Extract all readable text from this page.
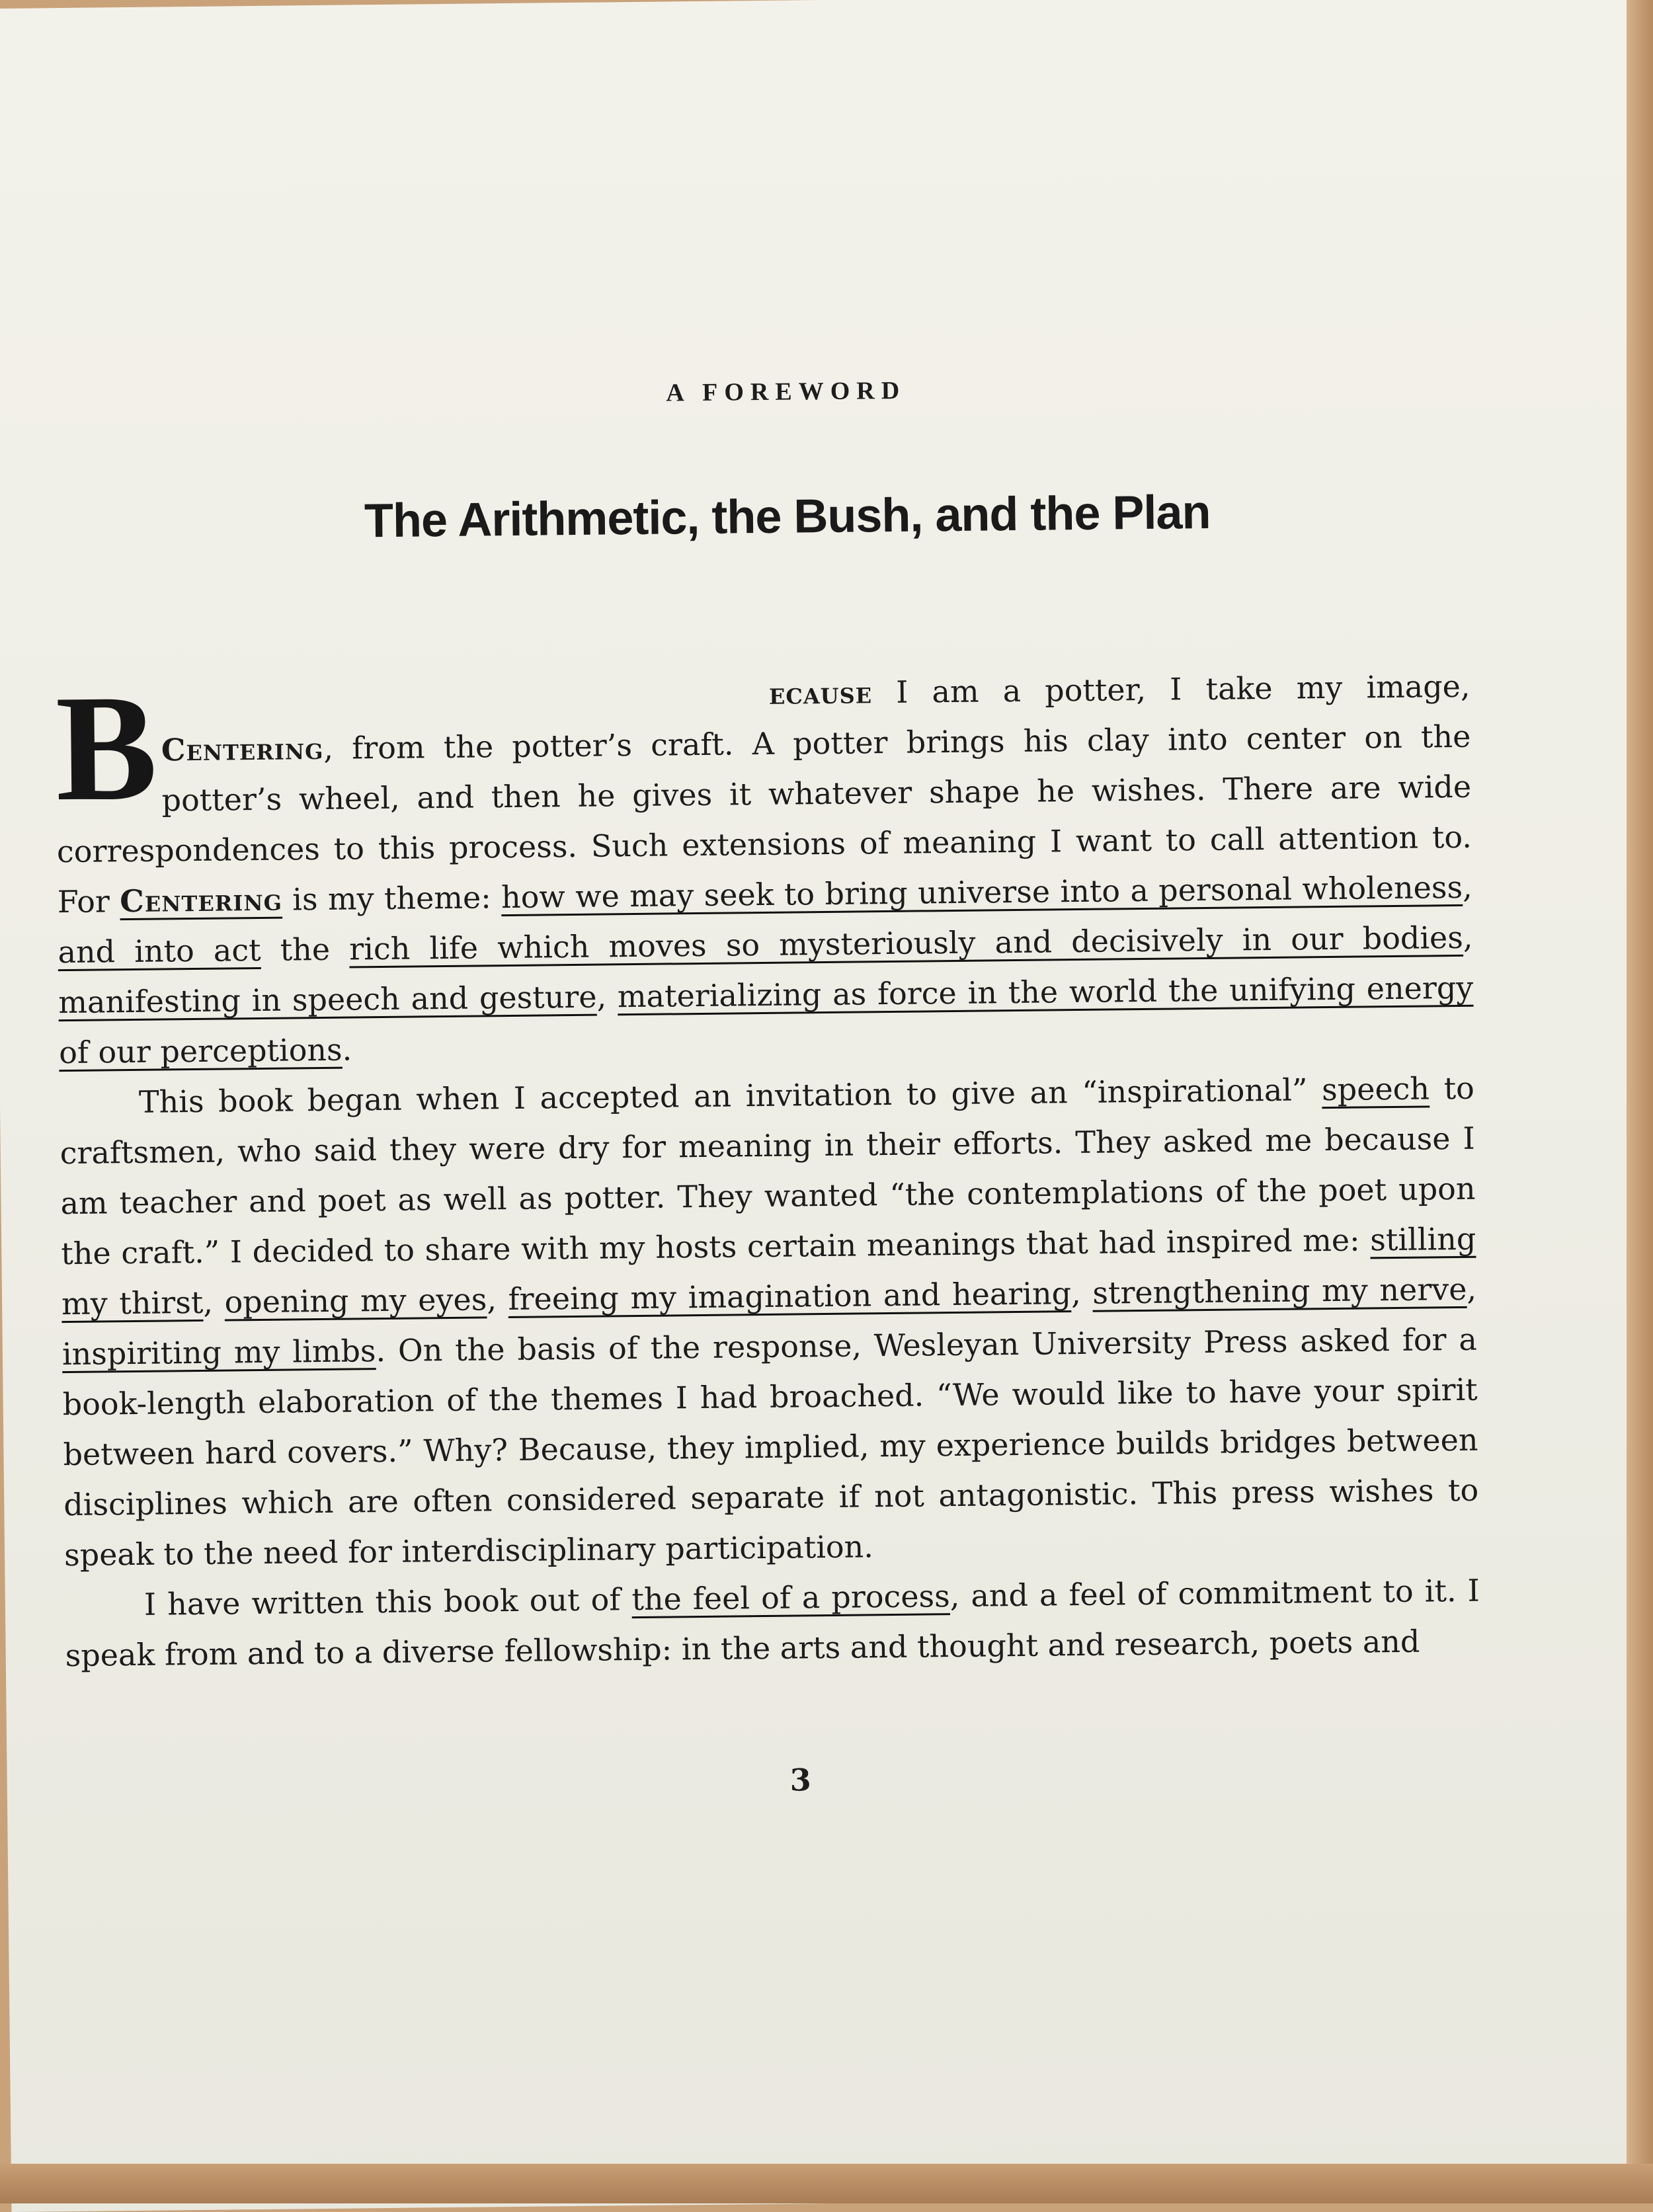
A FOREWORD
The Arithmetic, the Bush, and the Plan

B	ecause I am a potter, I take my image, Centering, from the potter’s craft. A potter brings his clay into center on the potter’s wheel, and then he gives it whatever shape he wishes. There are wide correspondences to this process. Such extensions of meaning I want to call attention to. For Centering is my theme: how we may seek to bring universe into a personal wholeness, and into act the rich life which moves so mysteriously and decisively in our bodies, manifesting in speech and gesture, materializing as force in the world the unifying energy of our perceptions.

This book began when I accepted an invitation to give an “inspirational” speech to craftsmen, who said they were dry for meaning in their efforts. They asked me because I am teacher and poet as well as potter. They wanted “the contemplations of the poet upon the craft.” I decided to share with my hosts certain meanings that had inspired me: stilling my thirst, opening my eyes, freeing my imagination and hearing, strengthening my nerve, inspiriting my limbs. On the basis of the response, Wesleyan University Press asked for a book-length elaboration of the themes I had broached. “We would like to have your spirit between hard covers.” Why? Because, they implied, my experience builds bridges between disciplines which are often considered separate if not antagonistic. This press wishes to speak to the need for interdisciplinary participation.

I have written this book out of the feel of a process, and a feel of commitment to it. I speak from and to a diverse fellowship: in the arts and thought and research, poets and

3
